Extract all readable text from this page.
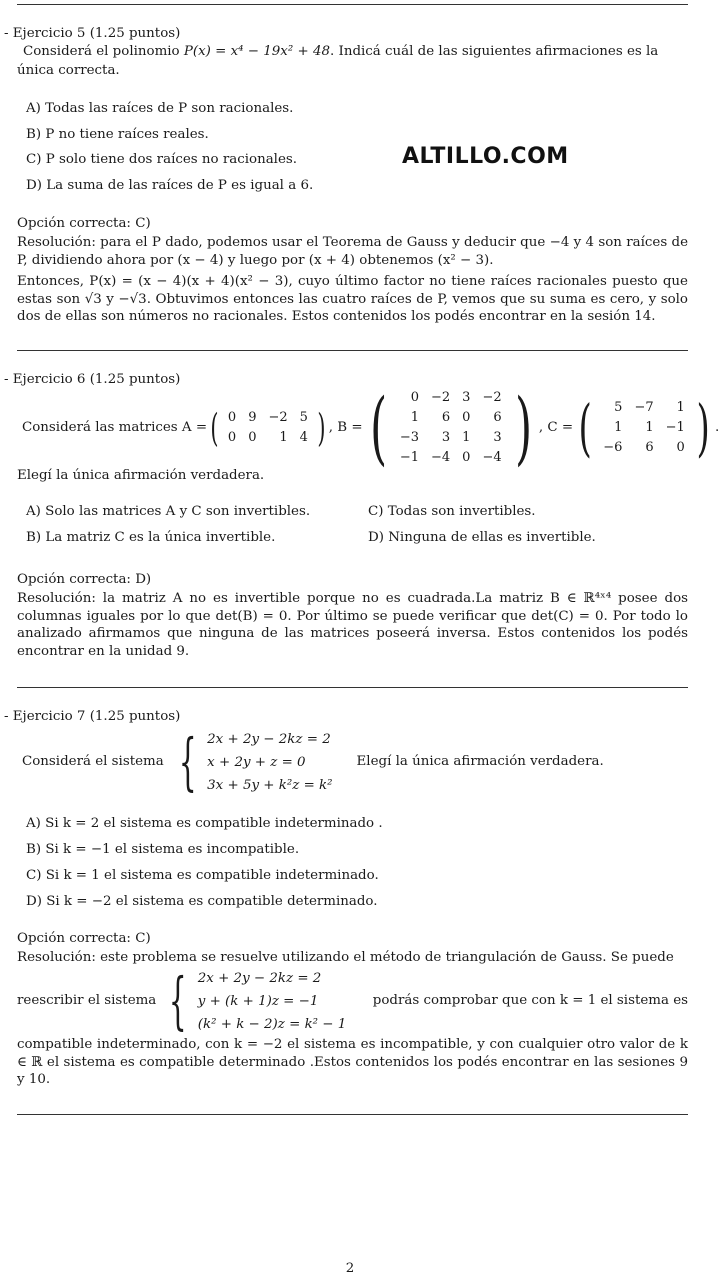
- Ejercicio 5 (1.25 puntos)
Considerá el polinomio P(x) = x⁴ − 19x² + 48. Indicá cuál de las siguientes afirmaciones es la
única correcta.
A) Todas las raíces de P son racionales.
B) P no tiene raíces reales.
C) P solo tiene dos raíces no racionales.
D) La suma de las raíces de P es igual a 6.
ALTILLO.COM
Opción correcta: C)
Resolución: para el P dado, podemos usar el Teorema de Gauss y deducir que −4 y 4 son raíces de P, dividiendo ahora por (x − 4) y luego por (x + 4) obtenemos (x² − 3).
Entonces, P(x) = (x − 4)(x + 4)(x² − 3), cuyo último factor no tiene raíces racionales puesto que estas son √3 y −√3. Obtuvimos entonces las cuatro raíces de P, vemos que su suma es cero, y solo dos de ellas son números no racionales. Estos contenidos los podés encontrar en la sesión 14.
- Ejercicio 6 (1.25 puntos)
Considerá las matrices A = ( 0	9	−2	5
0	0	1	4 ) , B = ( 0	−2	3	−2
1	6	0	6
−3	3	1	3
−1	−4	0	−4 ) , C = ( 5	−7	1
1	1	−1
−6	6	0 ) .
Elegí la única afirmación verdadera.
A) Solo las matrices A y C son invertibles.
B) La matriz C es la única invertible.
C) Todas son invertibles.
D) Ninguna de ellas es invertible.
Opción correcta: D)
Resolución: la matriz A no es invertible porque no es cuadrada.La matriz B ∈ ℝ⁴ˣ⁴ posee dos columnas iguales por lo que det(B) = 0. Por último se puede verificar que det(C) = 0. Por todo lo analizado afirmamos que ninguna de las matrices poseerá inversa. Estos contenidos los podés encontrar en la unidad 9.
- Ejercicio 7 (1.25 puntos)
Considerá el sistema { 2x + 2y − 2kz = 2
x + 2y + z = 0
3x + 5y + k²z = k²
Elegí la única afirmación verdadera.
A) Si k = 2 el sistema es compatible indeterminado .
B) Si k = −1 el sistema es incompatible.
C) Si k = 1 el sistema es compatible indeterminado.
D) Si k = −2 el sistema es compatible determinado.
Opción correcta: C)
Resolución: este problema se resuelve utilizando el método de triangulación de Gauss. Se puede
reescribir el sistema { 2x + 2y − 2kz = 2
y + (k + 1)z = −1
(k² + k − 2)z = k² − 1
podrás comprobar que con k = 1 el sistema es
compatible indeterminado, con k = −2 el sistema es incompatible, y con cualquier otro valor de k ∈ ℝ el sistema es compatible determinado .Estos contenidos los podés encontrar en las sesiones 9 y 10.
2
